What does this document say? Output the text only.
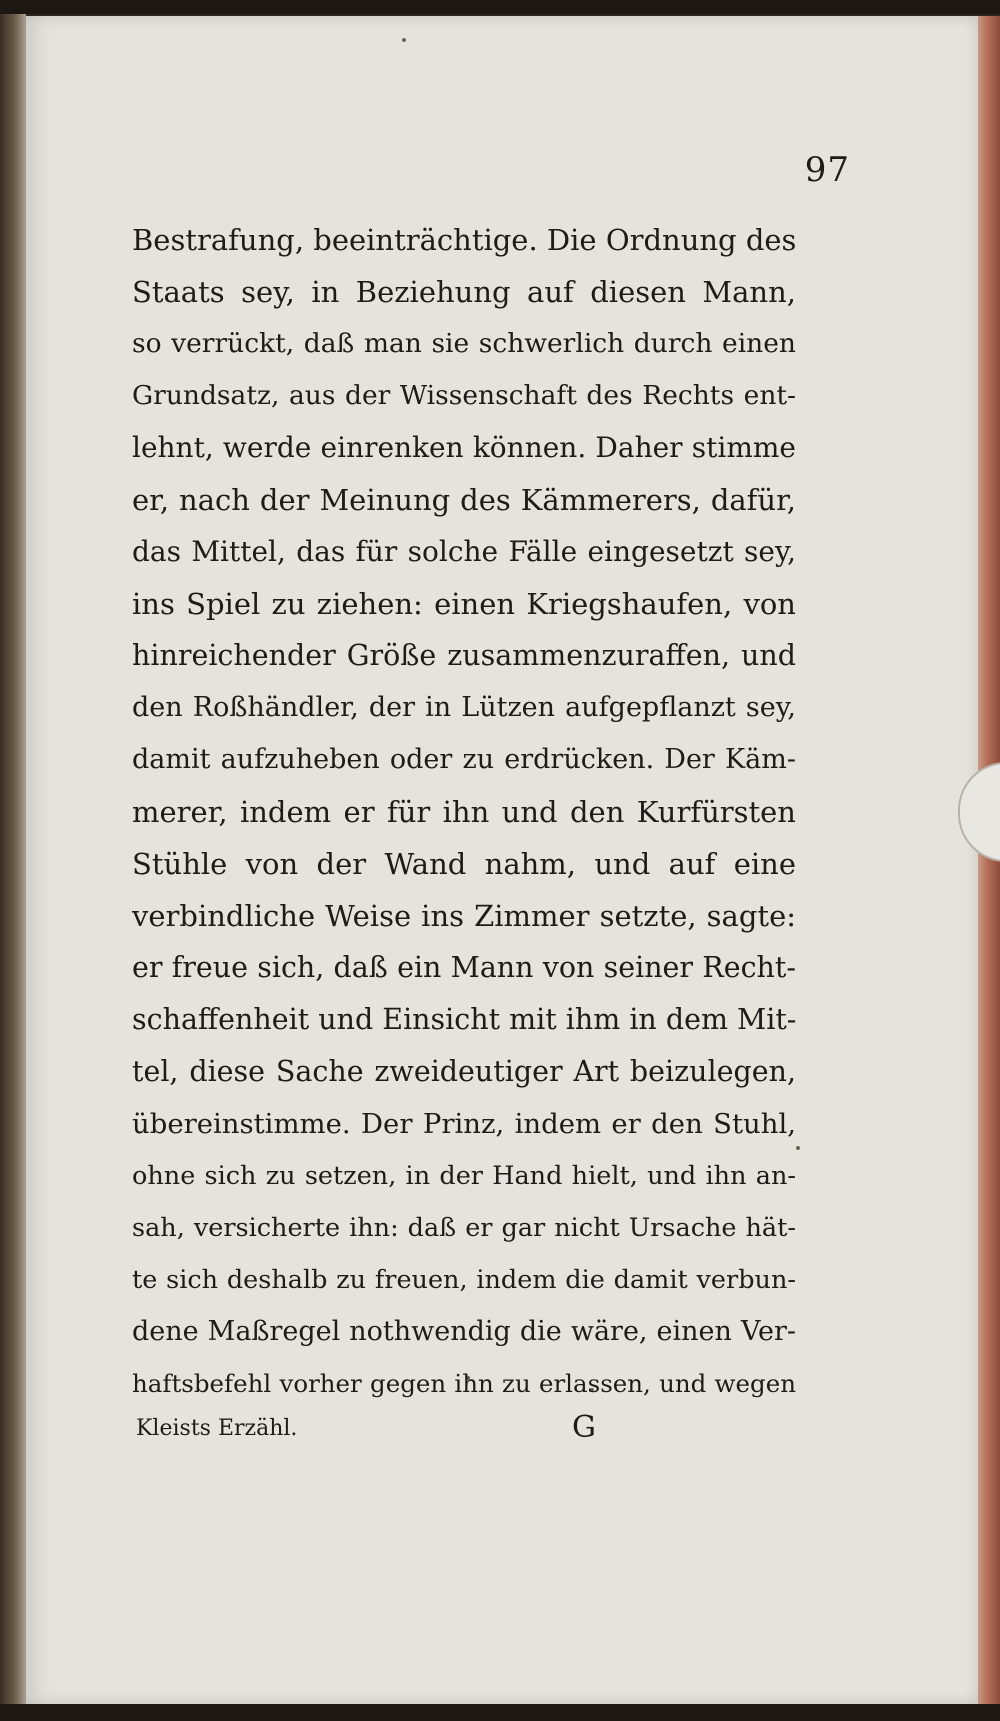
97
Bestrafung, beeinträchtige. Die Ordnung des
Staats sey, in Beziehung auf diesen Mann,
so verrückt, daß man sie schwerlich durch einen
Grundsatz, aus der Wissenschaft des Rechts ent-
lehnt, werde einrenken können. Daher stimme
er, nach der Meinung des Kämmerers, dafür,
das Mittel, das für solche Fälle eingesetzt sey,
ins Spiel zu ziehen: einen Kriegshaufen, von
hinreichender Größe zusammenzuraffen, und
den Roßhändler, der in Lützen aufgepflanzt sey,
damit aufzuheben oder zu erdrücken. Der Käm-
merer, indem er für ihn und den Kurfürsten
Stühle von der Wand nahm, und auf eine
verbindliche Weise ins Zimmer setzte, sagte:
er freue sich, daß ein Mann von seiner Recht-
schaffenheit und Einsicht mit ihm in dem Mit-
tel, diese Sache zweideutiger Art beizulegen,
übereinstimme. Der Prinz, indem er den Stuhl,
ohne sich zu setzen, in der Hand hielt, und ihn an-
sah, versicherte ihn: daß er gar nicht Ursache hät-
te sich deshalb zu freuen, indem die damit verbun-
dene Maßregel nothwendig die wäre, einen Ver-
haftsbefehl vorher gegen ihn zu erlassen, und wegen
Kleists Erzähl.	G
